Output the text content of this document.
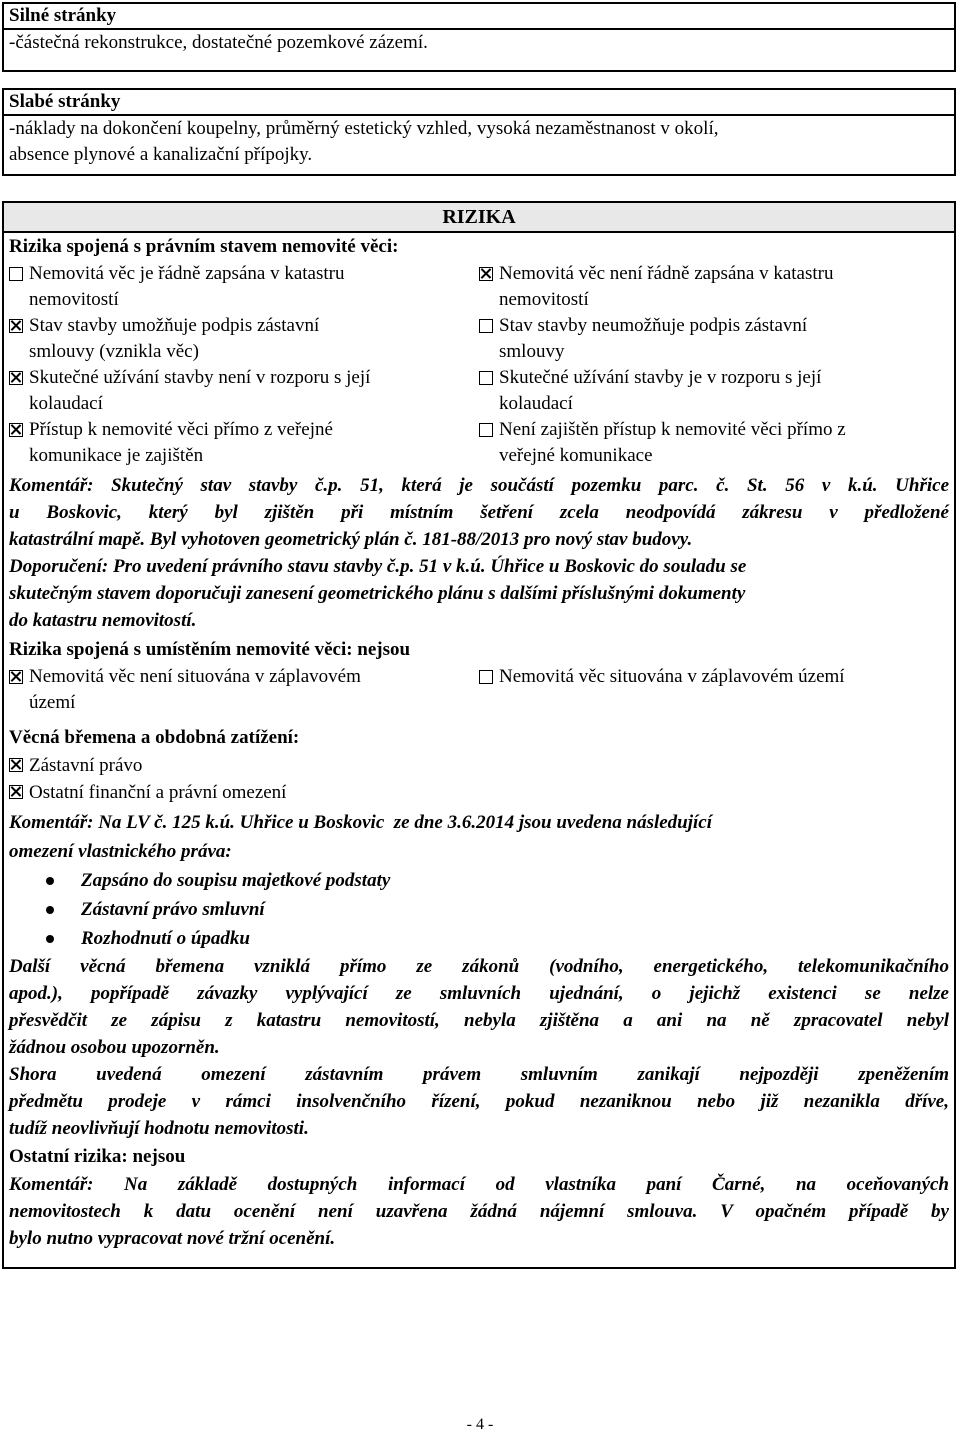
Silné stránky
-částečná rekonstrukce, dostatečné pozemkové zázemí.
Slabé stránky
-náklady na dokončení koupelny, průměrný estetický vzhled, vysoká nezaměstnanost v okolí,
absence plynové a kanalizační přípojky.
RIZIKA
Rizika spojená s právním stavem nemovité věci:
Nemovitá věc je řádně zapsána v katastru
nemovitostí
Nemovitá věc není řádně zapsána v katastru
nemovitostí
Stav stavby umožňuje podpis zástavní
smlouvy (vznikla věc)
Stav stavby neumožňuje podpis zástavní
smlouvy
Skutečné užívání stavby není v rozporu s její
kolaudací
Skutečné užívání stavby je v rozporu s její
kolaudací
Přístup k nemovité věci přímo z veřejné
komunikace je zajištěn
Není zajištěn přístup k nemovité věci přímo z
veřejné komunikace
Komentář: Skutečný stav stavby č.p. 51, která je součástí pozemku parc. č. St. 56 v k.ú. Uhřice
u Boskovic, který byl zjištěn při místním šetření zcela neodpovídá zákresu v předložené
katastrální mapě. Byl vyhotoven geometrický plán č. 181-88/2013 pro nový stav budovy.
Doporučení: Pro uvedení právního stavu stavby č.p. 51 v k.ú. Úhřice u Boskovic do souladu se
skutečným stavem doporučuji zanesení geometrického plánu s dalšími příslušnými dokumenty
do katastru nemovitostí.
Rizika spojená s umístěním nemovité věci: nejsou
Nemovitá věc není situována v záplavovém
území
Nemovitá věc situována v záplavovém území
Věcná břemena a obdobná zatížení:
Zástavní právo
Ostatní finanční a právní omezení
Komentář: Na LV č. 125 k.ú. Uhřice u Boskovic  ze dne 3.6.2014 jsou uvedena následující
omezení vlastnického práva:
Zapsáno do soupisu majetkové podstaty
Zástavní právo smluvní
Rozhodnutí o úpadku
Další věcná břemena vzniklá přímo ze zákonů (vodního, energetického, telekomunikačního
apod.), popřípadě závazky vyplývající ze smluvních ujednání, o jejichž existenci se nelze
přesvědčit ze zápisu z katastru nemovitostí, nebyla zjištěna a ani na ně zpracovatel nebyl
žádnou osobou upozorněn.
Shora uvedená omezení zástavním právem smluvním zanikají nejpozději zpeněžením
předmětu prodeje v rámci insolvenčního řízení, pokud nezaniknou nebo již nezanikla dříve,
tudíž neovlivňují hodnotu nemovitosti.
Ostatní rizika: nejsou
Komentář: Na základě dostupných informací od vlastníka paní Čarné, na oceňovaných
nemovitostech k datu ocenění není uzavřena žádná nájemní smlouva. V opačném případě by
bylo nutno vypracovat nové tržní ocenění.
- 4 -
